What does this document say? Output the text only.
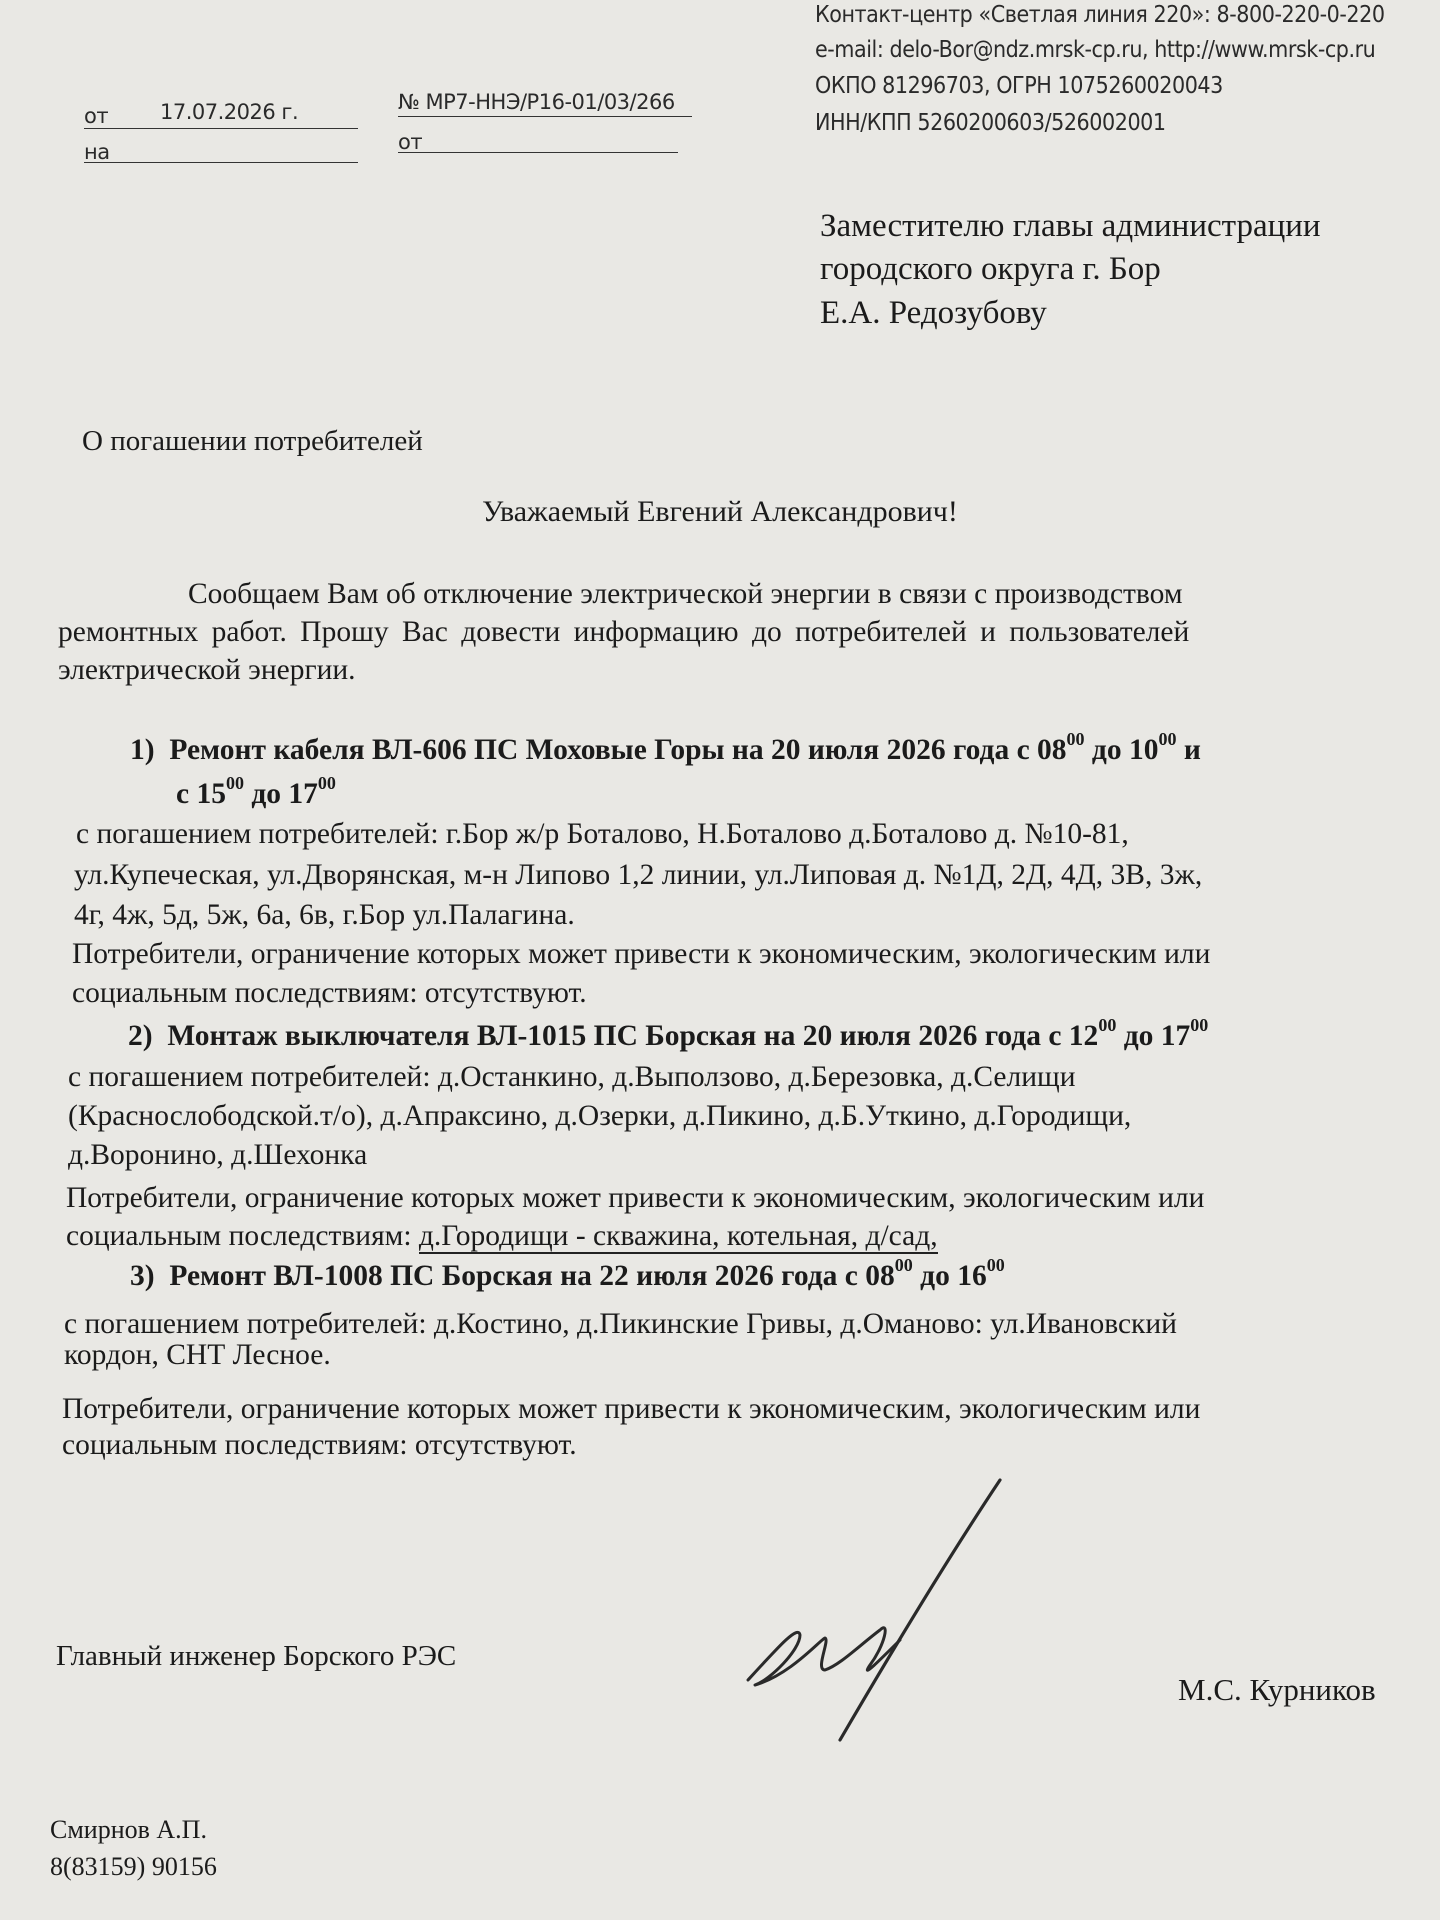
Контакт-центр «Светлая линия 220»: 8-800-220-0-220
e-mail: delo-Bor@ndz.mrsk-cp.ru, http://www.mrsk-cp.ru
ОКПО 81296703, ОГРН 1075260020043
ИНН/КПП 5260200603/526002001
от 17.07.2026 г.
на
№ МР7-ННЭ/Р16-01/03/266
от
Заместителю главы администрации
городского округа г. Бор
Е.А. Редозубову
О погашении потребителей
Уважаемый Евгений Александрович!
Сообщаем Вам об отключение электрической энергии в связи с производством
ремонтных работ. Прошу Вас довести информацию до потребителей и пользователей
электрической энергии.
1) Ремонт кабеля ВЛ-606 ПС Моховые Горы на 20 июля 2026 года с $08^{00}$ до $10^{00}$ и
с $15^{00}$ до $17^{00}$
с погашением потребителей: г.Бор ж/р Боталово, Н.Боталово д.Боталово д. №10-81,
ул.Купеческая, ул.Дворянская, м-н Липово 1,2 линии, ул.Липовая д. №1Д, 2Д, 4Д, 3В, 3ж,
4г, 4ж, 5д, 5ж, 6а, 6в, г.Бор ул.Палагина.
Потребители, ограничение которых может привести к экономическим, экологическим или
социальным последствиям: отсутствуют.
2) Монтаж выключателя ВЛ-1015 ПС Борская на 20 июля 2026 года с $12^{00}$ до $17^{00}$
с погашением потребителей: д.Останкино, д.Выползово, д.Березовка, д.Селищи
(Краснослободской.т/о), д.Апраксино, д.Озерки, д.Пикино, д.Б.Уткино, д.Городищи,
д.Воронино, д.Шехонка
Потребители, ограничение которых может привести к экономическим, экологическим или
социальным последствиям: д.Городищи - скважина, котельная, д/сад,
3) Ремонт ВЛ-1008 ПС Борская на 22 июля 2026 года с $08^{00}$ до $16^{00}$
с погашением потребителей: д.Костино, д.Пикинские Гривы, д.Оманово: ул.Ивановский
кордон, СНТ Лесное.
Потребители, ограничение которых может привести к экономическим, экологическим или
социальным последствиям: отсутствуют.
Главный инженер Борского РЭС
М.С. Курников
Смирнов А.П.
8(83159) 90156
